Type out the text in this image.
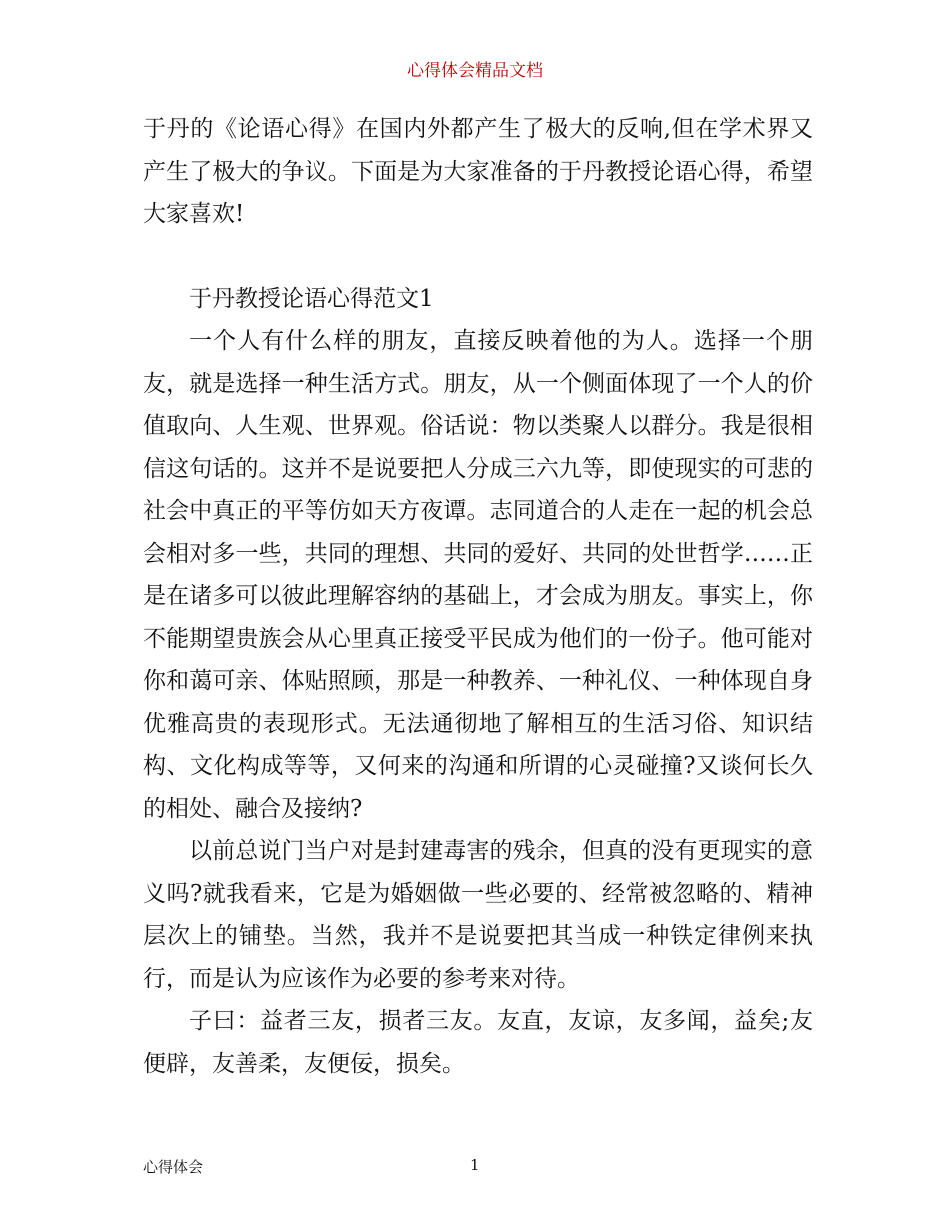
心得体会精品文档

于丹的《论语心得》在国内外都产生了极大的反响,但在学术界又产生了极大的争议。下面是为大家准备的于丹教授论语心得，希望大家喜欢!

于丹教授论语心得范文1

一个人有什么样的朋友，直接反映着他的为人。选择一个朋友，就是选择一种生活方式。朋友，从一个侧面体现了一个人的价值取向、人生观、世界观。俗话说：物以类聚人以群分。我是很相信这句话的。这并不是说要把人分成三六九等，即使现实的可悲的社会中真正的平等仿如天方夜谭。志同道合的人走在一起的机会总会相对多一些，共同的理想、共同的爱好、共同的处世哲学……正是在诸多可以彼此理解容纳的基础上，才会成为朋友。事实上，你不能期望贵族会从心里真正接受平民成为他们的一份子。他可能对你和蔼可亲、体贴照顾，那是一种教养、一种礼仪、一种体现自身优雅高贵的表现形式。无法通彻地了解相互的生活习俗、知识结构、文化构成等等，又何来的沟通和所谓的心灵碰撞?又谈何长久的相处、融合及接纳?

以前总说门当户对是封建毒害的残余，但真的没有更现实的意义吗?就我看来，它是为婚姻做一些必要的、经常被忽略的、精神层次上的铺垫。当然，我并不是说要把其当成一种铁定律例来执行，而是认为应该作为必要的参考来对待。

子曰：益者三友，损者三友。友直，友谅，友多闻，益矣;友便辟，友善柔，友便佞，损矣。

心得体会	1
